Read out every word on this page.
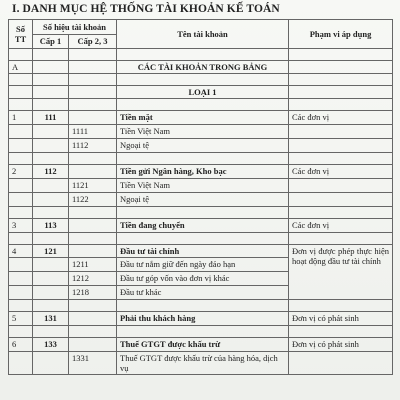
I. DANH MỤC HỆ THỐNG TÀI KHOẢN KẾ TOÁN
Số TT	Số hiệu tài khoản		Tên tài khoản	Phạm vi áp dụng
	Cấp 1	Cấp 2, 3		

A			CÁC TÀI KHOẢN TRONG BẢNG	

			LOẠI 1	

1	111		Tiền mặt	Các đơn vị
		1111	Tiền Việt Nam	
		1112	Ngoại tệ	

2	112		Tiền gửi Ngân hàng, Kho bạc	Các đơn vị
		1121	Tiền Việt Nam	
		1122	Ngoại tệ	

3	113		Tiền đang chuyển	Các đơn vị

4	121		Đầu tư tài chính	Đơn vị được phép thực hiện hoạt động đầu tư tài chính
		1211	Đầu tư nắm giữ đến ngày đáo hạn	
		1212	Đầu tư góp vốn vào đơn vị khác	
		1218	Đầu tư khác	

5	131		Phải thu khách hàng	Đơn vị có phát sinh

6	133		Thuế GTGT được khấu trừ	Đơn vị có phát sinh
		1331	Thuế GTGT được khấu trừ của hàng hóa, dịch vụ	
